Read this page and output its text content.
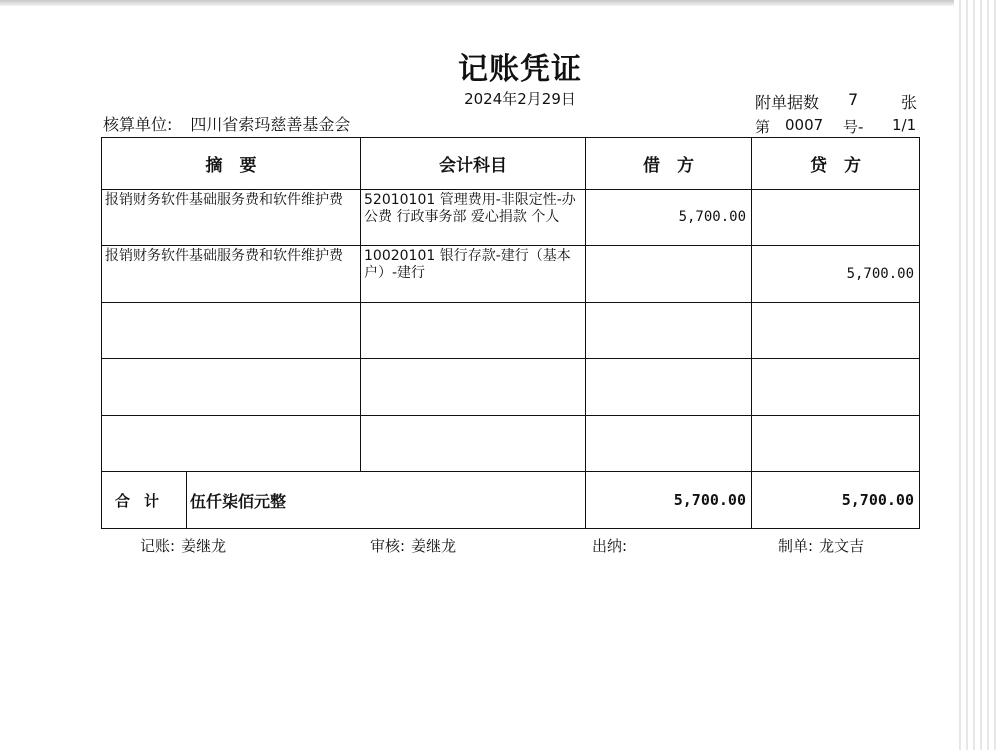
记账凭证
2024年2月29日
核算单位: 四川省索玛慈善基金会
附单据数 7	张
第 0007 号- 1/1
摘　要		会计科目	借　方	贷　方

报销财务软件基础服务费和软件维护费		52010101 管理费用-非限定性-办公费 行政事务部 爱心捐款 个人	5,700.00	

报销财务软件基础服务费和软件维护费		10020101 银行存款-建行（基本户）-建行		5,700.00

合计	伍仟柒佰元整		5,700.00	5,700.00
记账: 姜继龙	审核: 姜继龙	出纳:	制单: 龙文吉
